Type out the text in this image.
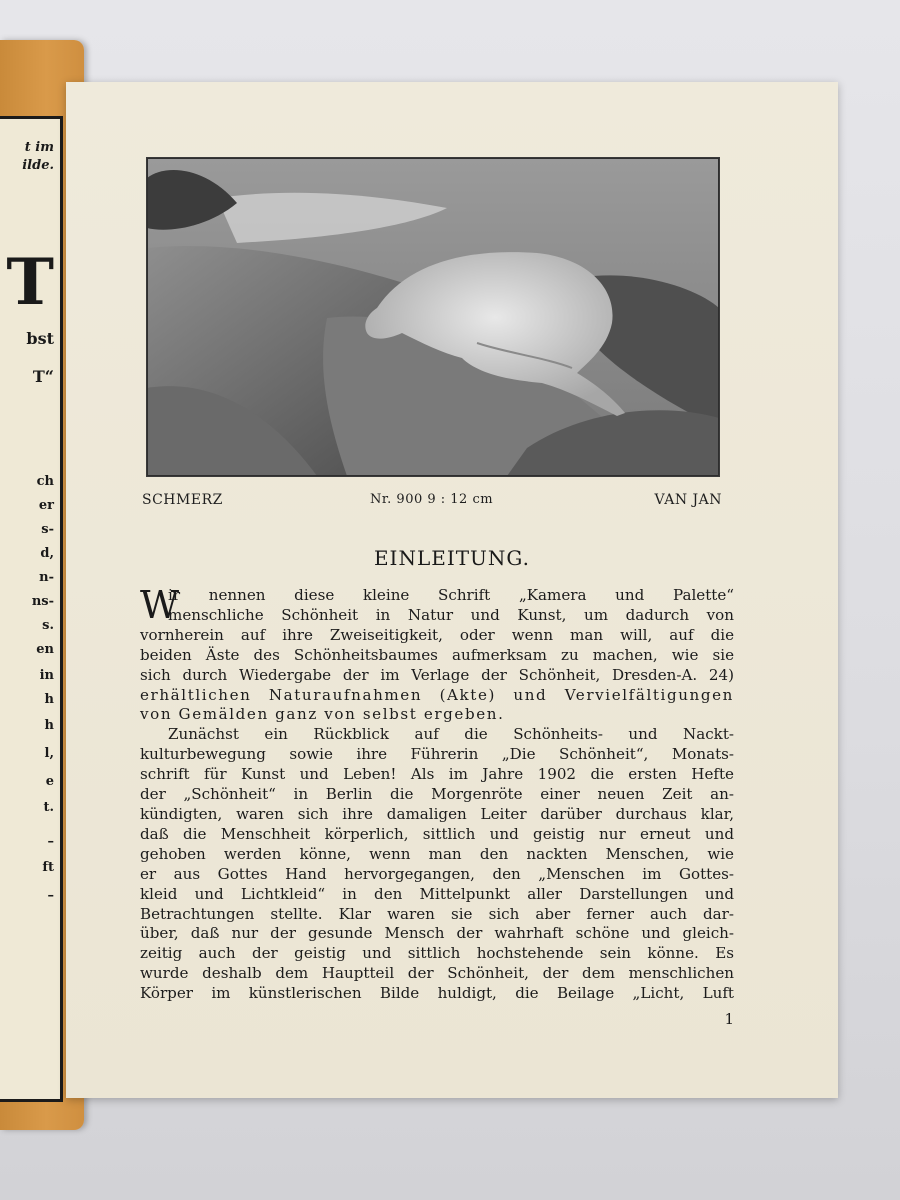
t im
ilde.
T
bst
T“
ch
er
s-
d,
n-
ns-
s.
en
in
h
h
l,
e
t.
–
ft
–
SCHMERZ	Nr. 900 9 : 12 cm	VAN JAN
EINLEITUNG.
W
ir nennen diese kleine Schrift „Kamera und Palette“
menschliche Schönheit in Natur und Kunst, um dadurch von
vornherein auf ihre Zweiseitigkeit, oder wenn man will, auf die
beiden Äste des Schönheitsbaumes aufmerksam zu machen, wie sie
sich durch Wiedergabe der im Verlage der Schönheit, Dresden-A. 24)
erhältlichen Naturaufnahmen (Akte) und Vervielfältigungen
von Gemälden ganz von selbst ergeben.
Zunächst ein Rückblick auf die Schönheits- und Nackt-
kulturbewegung sowie ihre Führerin „Die Schönheit“, Monats-
schrift für Kunst und Leben! Als im Jahre 1902 die ersten Hefte
der „Schönheit“ in Berlin die Morgenröte einer neuen Zeit an-
kündigten, waren sich ihre damaligen Leiter darüber durchaus klar,
daß die Menschheit körperlich, sittlich und geistig nur erneut und
gehoben werden könne, wenn man den nackten Menschen, wie
er aus Gottes Hand hervorgegangen, den „Menschen im Gottes-
kleid und Lichtkleid“ in den Mittelpunkt aller Darstellungen und
Betrachtungen stellte. Klar waren sie sich aber ferner auch dar-
über, daß nur der gesunde Mensch der wahrhaft schöne und gleich-
zeitig auch der geistig und sittlich hochstehende sein könne. Es
wurde deshalb dem Hauptteil der Schönheit, der dem menschlichen
Körper im künstlerischen Bilde huldigt, die Beilage „Licht, Luft
1
